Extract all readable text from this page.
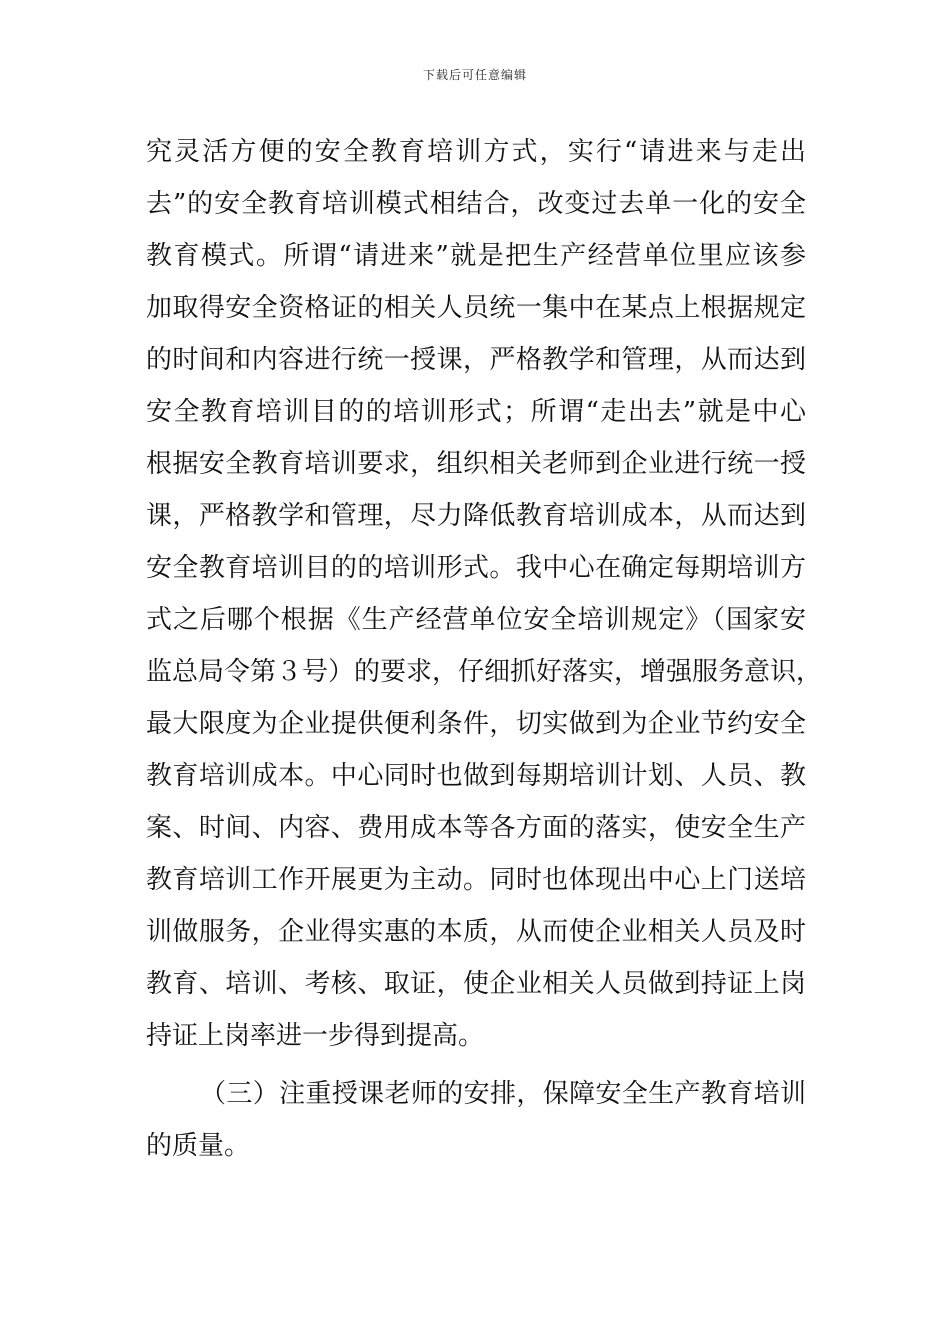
下载后可任意编辑
究灵活方便的安全教育培训方式，实行“请进来与走出
去”的安全教育培训模式相结合，改变过去单一化的安全
教育模式。所谓“请进来”就是把生产经营单位里应该参
加取得安全资格证的相关人员统一集中在某点上根据规定
的时间和内容进行统一授课，严格教学和管理，从而达到
安全教育培训目的的培训形式；所谓“走出去”就是中心
根据安全教育培训要求，组织相关老师到企业进行统一授
课，严格教学和管理，尽力降低教育培训成本，从而达到
安全教育培训目的的培训形式。我中心在确定每期培训方
式之后哪个根据《生产经营单位安全培训规定》（国家安
监总局令第３号）的要求，仔细抓好落实，增强服务意识，
最大限度为企业提供便利条件，切实做到为企业节约安全
教育培训成本。中心同时也做到每期培训计划、人员、教
案、时间、内容、费用成本等各方面的落实，使安全生产
教育培训工作开展更为主动。同时也体现出中心上门送培
训做服务，企业得实惠的本质，从而使企业相关人员及时
教育、培训、考核、取证，使企业相关人员做到持证上岗
持证上岗率进一步得到提高。
（三）注重授课老师的安排，保障安全生产教育培训
的质量。
